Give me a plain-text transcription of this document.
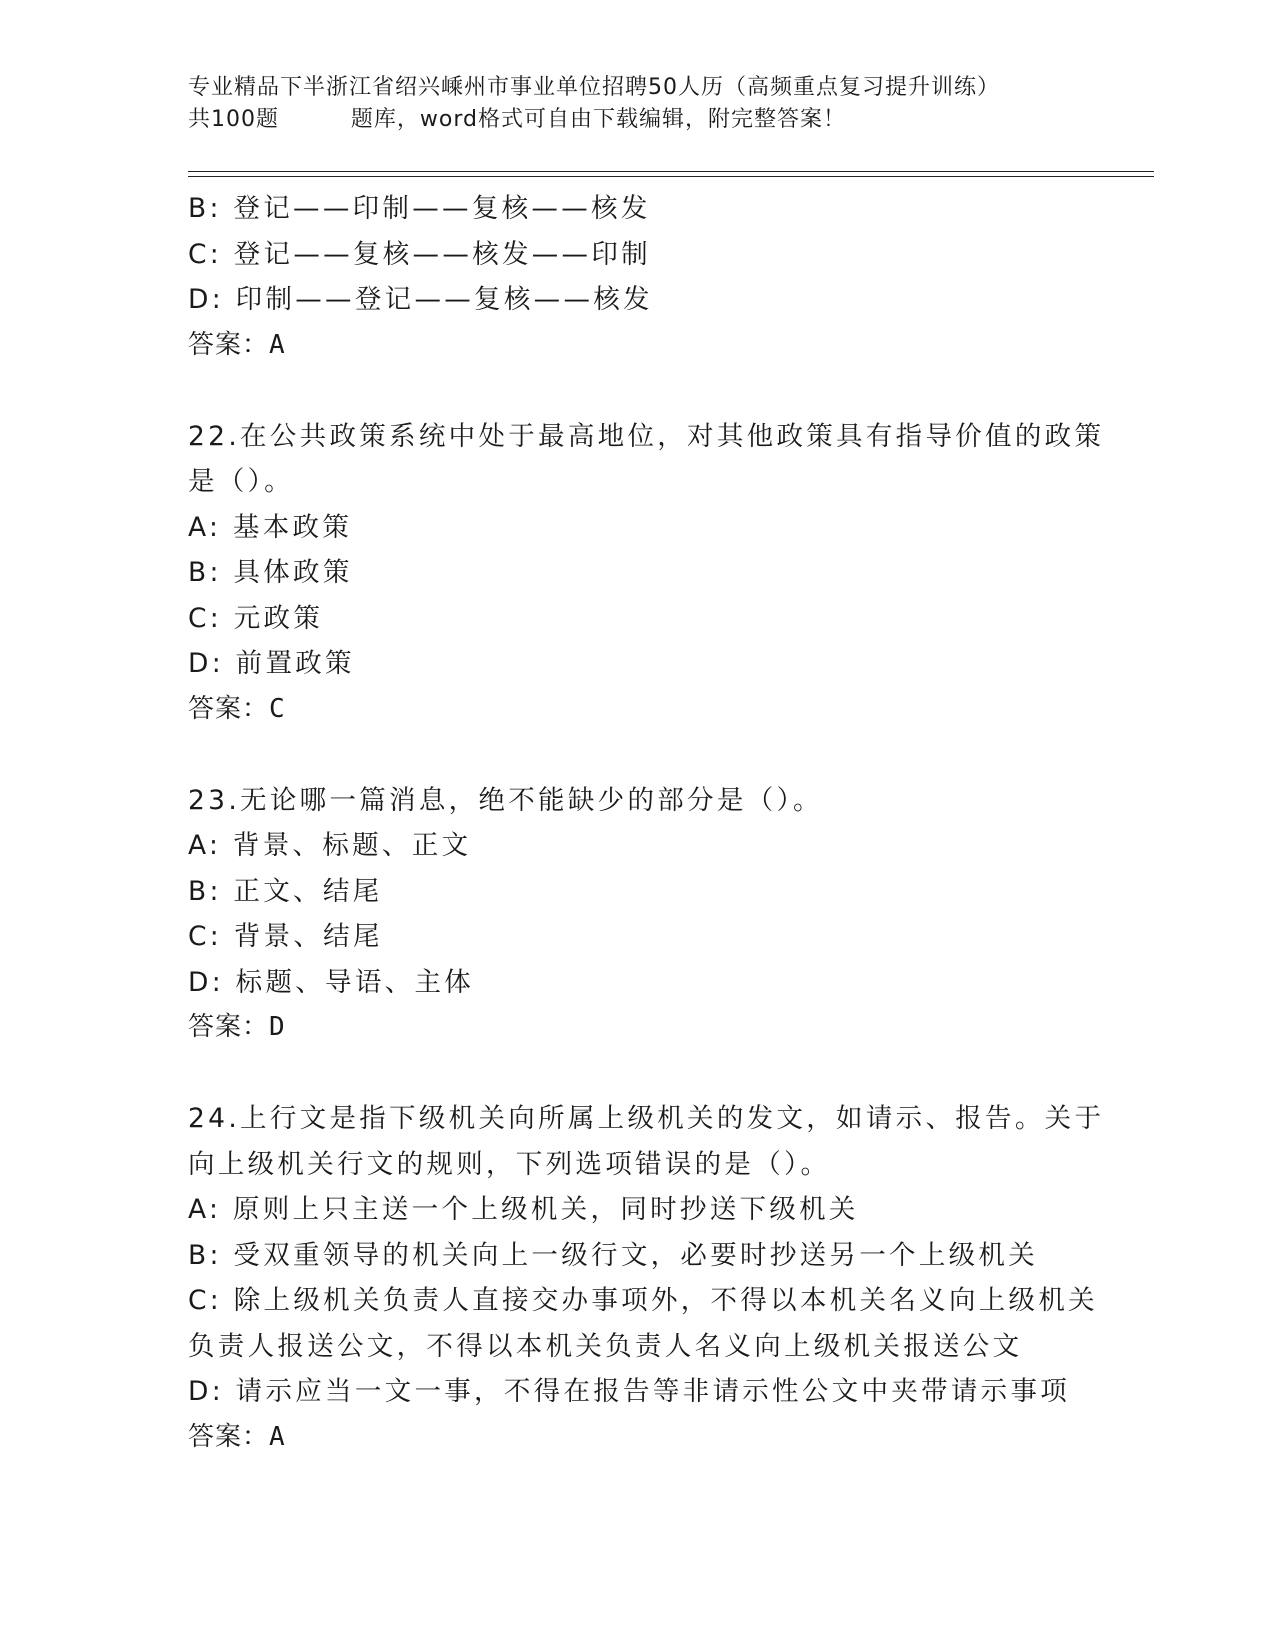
专业精品下半浙江省绍兴嵊州市事业单位招聘50人历（高频重点复习提升训练）
共100题         题库，word格式可自由下载编辑，附完整答案！
B: 登记——印制——复核——核发
C: 登记——复核——核发——印制
D: 印制——登记——复核——核发
答案：A
22.在公共政策系统中处于最高地位，对其他政策具有指导价值的政策
是（）。
A: 基本政策
B: 具体政策
C: 元政策
D: 前置政策
答案：C
23.无论哪一篇消息，绝不能缺少的部分是（）。
A: 背景、标题、正文
B: 正文、结尾
C: 背景、结尾
D: 标题、导语、主体
答案：D
24.上行文是指下级机关向所属上级机关的发文，如请示、报告。关于
向上级机关行文的规则，下列选项错误的是（）。
A: 原则上只主送一个上级机关，同时抄送下级机关
B: 受双重领导的机关向上一级行文，必要时抄送另一个上级机关
C: 除上级机关负责人直接交办事项外，不得以本机关名义向上级机关
负责人报送公文，不得以本机关负责人名义向上级机关报送公文
D: 请示应当一文一事，不得在报告等非请示性公文中夹带请示事项
答案：A
